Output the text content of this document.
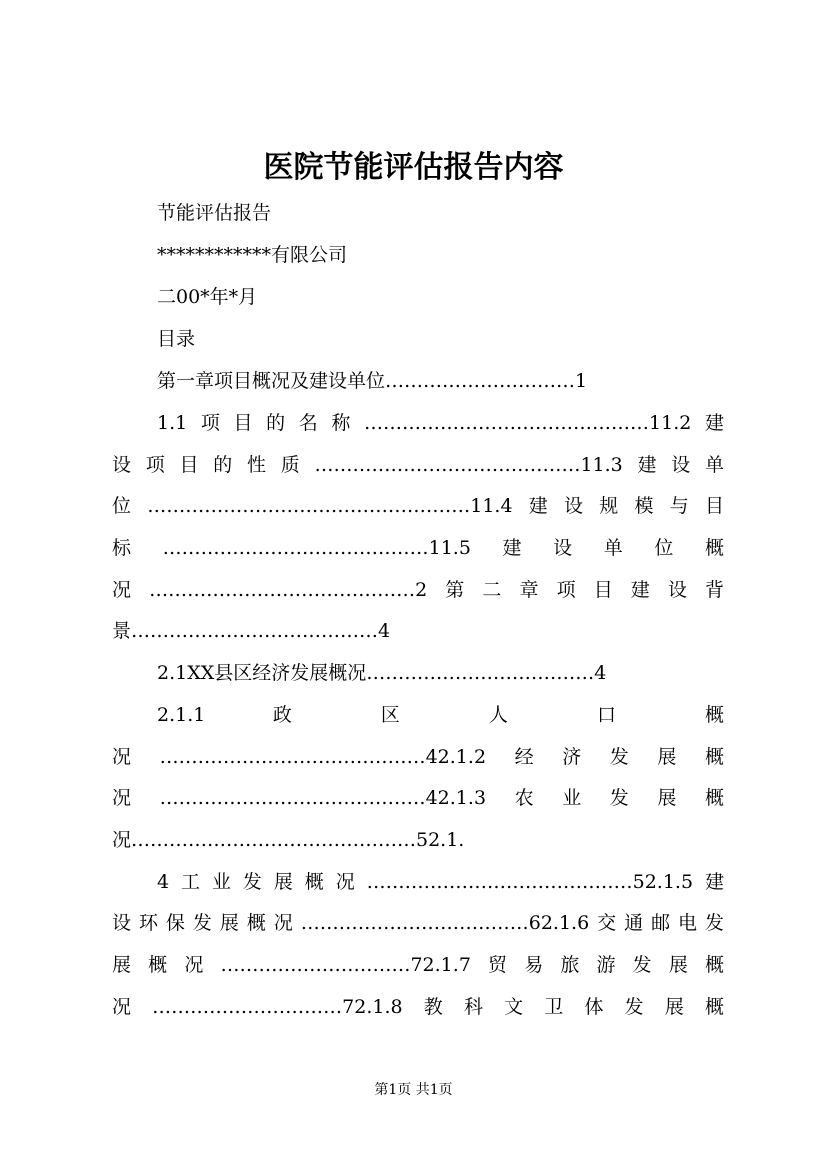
医院节能评估报告内容
节能评估报告
************有限公司
二00*年*月
目录
第一章项目概况及建设单位…………………………1
1.1项目的名称………………………………………11.2建
设项目的性质……………………………………11.3建设单
位……………………………………………11.4建设规模与目
标……………………………………11.5建设单位概
况……………………………………2第二章项目建设背
景…………………………………4
2.1XX县区经济发展概况………………………………4
2.1.1 政 区 人 口 概
况……………………………………42.1.2经济发展概
况……………………………………42.1.3农业发展概
况………………………………………52.1.
4工业发展概况……………………………………52.1.5建
设环保发展概况………………………………62.1.6交通邮电发
展概况…………………………72.1.7贸易旅游发展概
况…………………………72.1.8教科文卫体发展概
第1页 共1页
